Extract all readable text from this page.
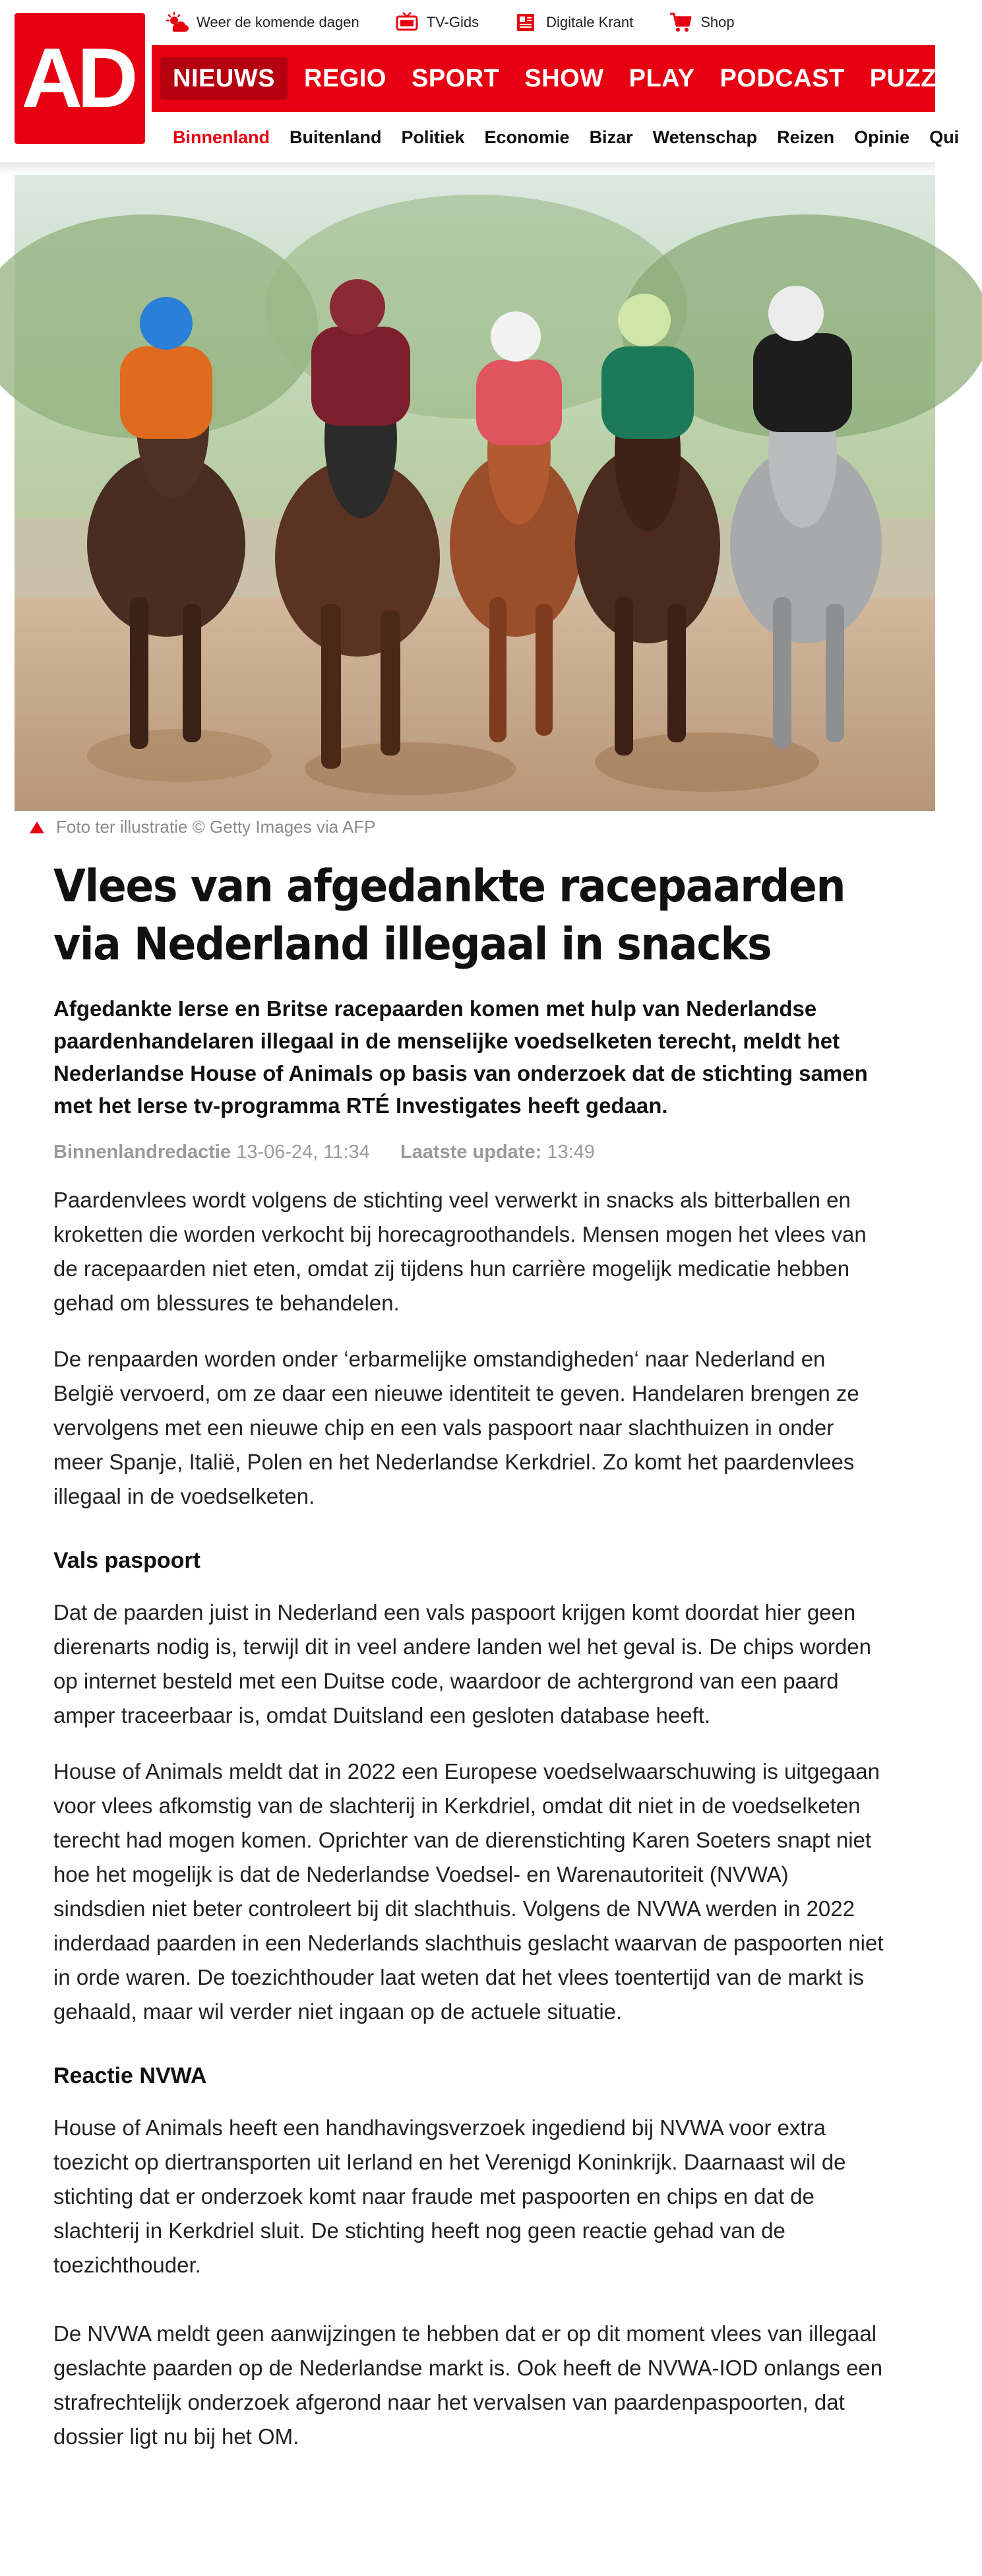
AD
Weer de komende dagen	TV-Gids	Digitale Krant	Shop
NIEUWS	REGIO	SPORT	SHOW	PLAY	PODCAST	PUZZEL
Binnenland	Buitenland	Politiek	Economie	Bizar	Wetenschap	Reizen	Opinie	Qui
Foto ter illustratie © Getty Images via AFP
Vlees van afgedankte racepaarden via Nederland illegaal in snacks
Afgedankte Ierse en Britse racepaarden komen met hulp van Nederlandse paardenhandelaren illegaal in de menselijke voedselketen terecht, meldt het Nederlandse House of Animals op basis van onderzoek dat de stichting samen met het Ierse tv-programma RTÉ Investigates heeft gedaan.
Binnenlandredactie 13-06-24, 11:34 Laatste update: 13:49

Paardenvlees wordt volgens de stichting veel verwerkt in snacks als bitterballen en kroketten die worden verkocht bij horecagroothandels. Mensen mogen het vlees van de racepaarden niet eten, omdat zij tijdens hun carrière mogelijk medicatie hebben gehad om blessures te behandelen.

De renpaarden worden onder ‘erbarmelijke omstandigheden‘ naar Nederland en België vervoerd, om ze daar een nieuwe identiteit te geven. Handelaren brengen ze vervolgens met een nieuwe chip en een vals paspoort naar slachthuizen in onder meer Spanje, Italië, Polen en het Nederlandse Kerkdriel. Zo komt het paardenvlees illegaal in de voedselketen.

Vals paspoort

Dat de paarden juist in Nederland een vals paspoort krijgen komt doordat hier geen dierenarts nodig is, terwijl dit in veel andere landen wel het geval is. De chips worden op internet besteld met een Duitse code, waardoor de achtergrond van een paard amper traceerbaar is, omdat Duitsland een gesloten database heeft.

House of Animals meldt dat in 2022 een Europese voedselwaarschuwing is uitgegaan voor vlees afkomstig van de slachterij in Kerkdriel, omdat dit niet in de voedselketen terecht had mogen komen. Oprichter van de dierenstichting Karen Soeters snapt niet hoe het mogelijk is dat de Nederlandse Voedsel- en Warenautoriteit (NVWA) sindsdien niet beter controleert bij dit slachthuis. Volgens de NVWA werden in 2022 inderdaad paarden in een Nederlands slachthuis geslacht waarvan de paspoorten niet in orde waren. De toezichthouder laat weten dat het vlees toentertijd van de markt is gehaald, maar wil verder niet ingaan op de actuele situatie.

Reactie NVWA

House of Animals heeft een handhavingsverzoek ingediend bij NVWA voor extra toezicht op diertransporten uit Ierland en het Verenigd Koninkrijk. Daarnaast wil de stichting dat er onderzoek komt naar fraude met paspoorten en chips en dat de slachterij in Kerkdriel sluit. De stichting heeft nog geen reactie gehad van de toezichthouder.

De NVWA meldt geen aanwijzingen te hebben dat er op dit moment vlees van illegaal geslachte paarden op de Nederlandse markt is. Ook heeft de NVWA-IOD onlangs een strafrechtelijk onderzoek afgerond naar het vervalsen van paardenpaspoorten, dat dossier ligt nu bij het OM.
